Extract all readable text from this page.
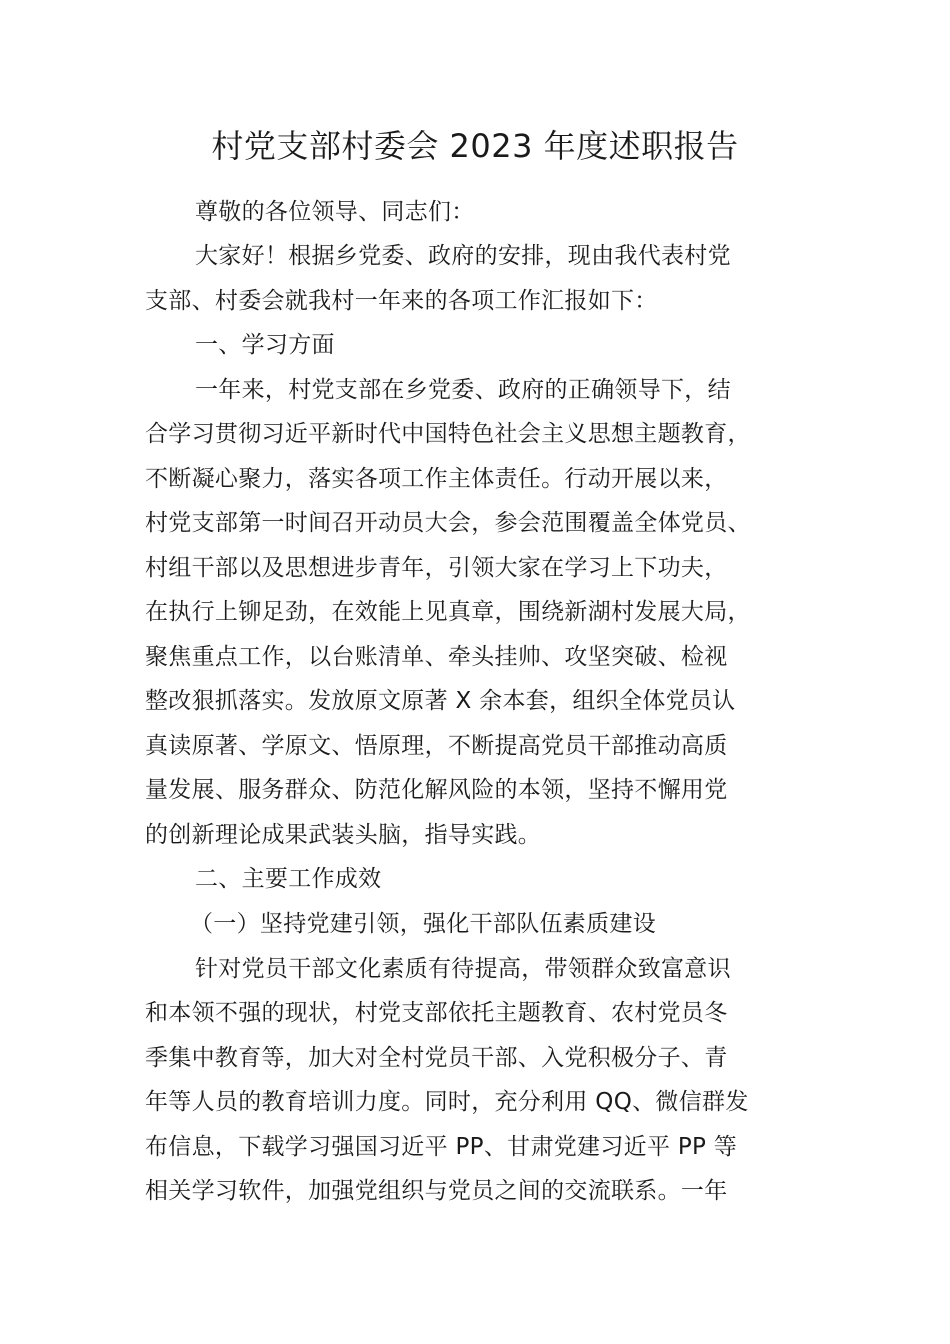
村党支部村委会 2023 年度述职报告
尊敬的各位领导、同志们：
大家好！根据乡党委、政府的安排，现由我代表村党
支部、村委会就我村一年来的各项工作汇报如下：
一、学习方面
一年来，村党支部在乡党委、政府的正确领导下，结
合学习贯彻习近平新时代中国特色社会主义思想主题教育，
不断凝心聚力，落实各项工作主体责任。行动开展以来，
村党支部第一时间召开动员大会，参会范围覆盖全体党员、
村组干部以及思想进步青年，引领大家在学习上下功夫，
在执行上铆足劲，在效能上见真章，围绕新湖村发展大局，
聚焦重点工作，以台账清单、牵头挂帅、攻坚突破、检视
整改狠抓落实。发放原文原著 X 余本套，组织全体党员认
真读原著、学原文、悟原理，不断提高党员干部推动高质
量发展、服务群众、防范化解风险的本领，坚持不懈用党
的创新理论成果武装头脑，指导实践。
二、主要工作成效
（一）坚持党建引领，强化干部队伍素质建设
针对党员干部文化素质有待提高，带领群众致富意识
和本领不强的现状，村党支部依托主题教育、农村党员冬
季集中教育等，加大对全村党员干部、入党积极分子、青
年等人员的教育培训力度。同时，充分利用 QQ、微信群发
布信息，下载学习强国习近平 PP、甘肃党建习近平 PP 等
相关学习软件，加强党组织与党员之间的交流联系。一年
